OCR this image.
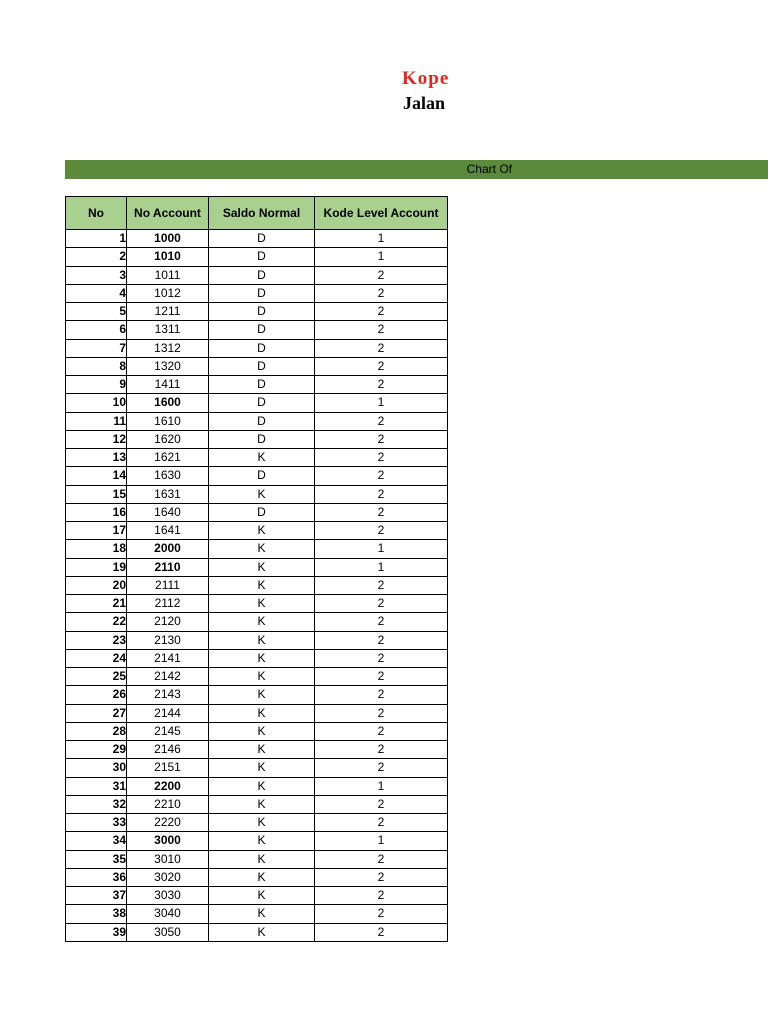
Kope
Jalan
Chart Of
No	No Account	Saldo Normal	Kode Level Account
1	1000	D	1
2	1010	D	1
3	1011	D	2
4	1012	D	2
5	1211	D	2
6	1311	D	2
7	1312	D	2
8	1320	D	2
9	1411	D	2
10	1600	D	1
11	1610	D	2
12	1620	D	2
13	1621	K	2
14	1630	D	2
15	1631	K	2
16	1640	D	2
17	1641	K	2
18	2000	K	1
19	2110	K	1
20	2111	K	2
21	2112	K	2
22	2120	K	2
23	2130	K	2
24	2141	K	2
25	2142	K	2
26	2143	K	2
27	2144	K	2
28	2145	K	2
29	2146	K	2
30	2151	K	2
31	2200	K	1
32	2210	K	2
33	2220	K	2
34	3000	K	1
35	3010	K	2
36	3020	K	2
37	3030	K	2
38	3040	K	2
39	3050	K	2
